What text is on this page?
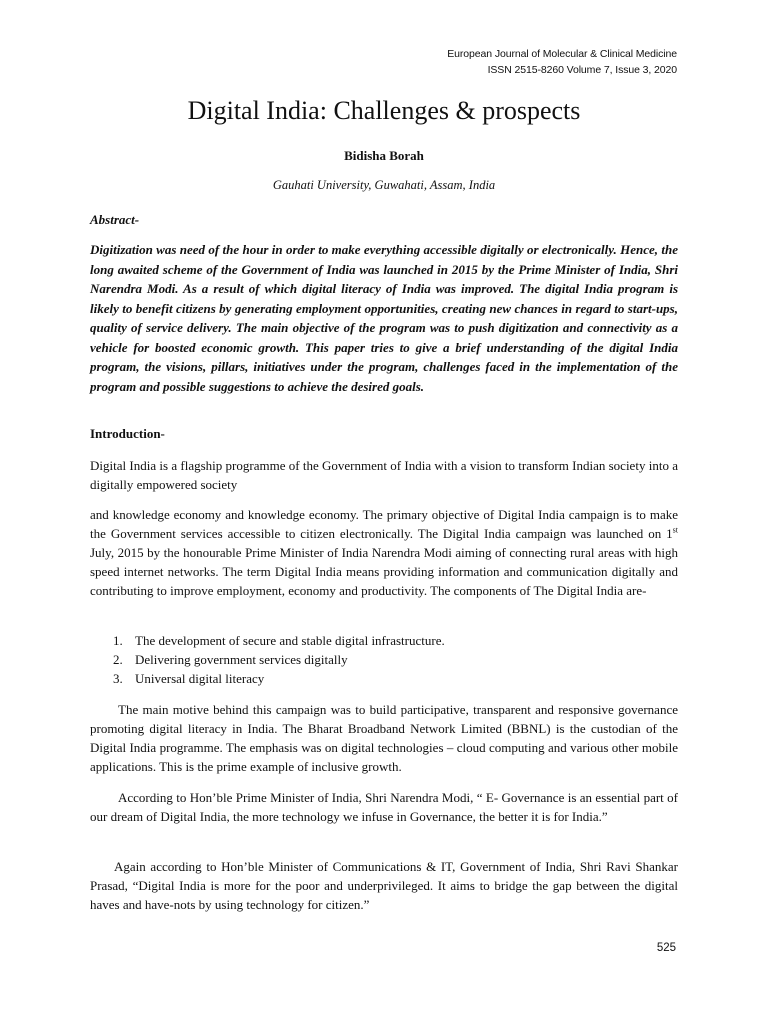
European Journal of Molecular & Clinical Medicine
ISSN 2515-8260 Volume 7, Issue 3, 2020
Digital India: Challenges & prospects
Bidisha Borah
Gauhati University, Guwahati, Assam, India
Abstract-
Digitization was need of the hour in order to make everything accessible digitally or electronically. Hence, the long awaited scheme of the Government of India was launched in 2015 by the Prime Minister of India, Shri Narendra Modi. As a result of which digital literacy of India was improved. The digital India program is likely to benefit citizens by generating employment opportunities, creating new chances in regard to start-ups, quality of service delivery. The main objective of the program was to push digitization and connectivity as a vehicle for boosted economic growth. This paper tries to give a brief understanding of the digital India program, the visions, pillars, initiatives under the program, challenges faced in the implementation of the program and possible suggestions to achieve the desired goals.
Introduction-
Digital India is a flagship programme of the Government of India with a vision to transform Indian society into a digitally empowered society
and knowledge economy and knowledge economy. The primary objective of Digital India campaign is to make the Government services accessible to citizen electronically. The Digital India campaign was launched on 1st July, 2015 by the honourable Prime Minister of India Narendra Modi aiming of connecting rural areas with high speed internet networks. The term Digital India means providing information and communication digitally and contributing to improve employment, economy and productivity. The components of The Digital India are-
1. The development of secure and stable digital infrastructure.
2. Delivering government services digitally
3. Universal digital literacy
The main motive behind this campaign was to build participative, transparent and responsive governance promoting digital literacy in India. The Bharat Broadband Network Limited (BBNL) is the custodian of the Digital India programme. The emphasis was on digital technologies – cloud computing and various other mobile applications. This is the prime example of inclusive growth.
According to Hon’ble Prime Minister of India, Shri Narendra Modi, “ E- Governance is an essential part of our dream of Digital India, the more technology we infuse in Governance, the better it is for India.”
Again according to Hon’ble Minister of Communications & IT, Government of India, Shri Ravi Shankar Prasad, “Digital India is more for the poor and underprivileged. It aims to bridge the gap between the digital haves and have-nots by using technology for citizen.”
525
